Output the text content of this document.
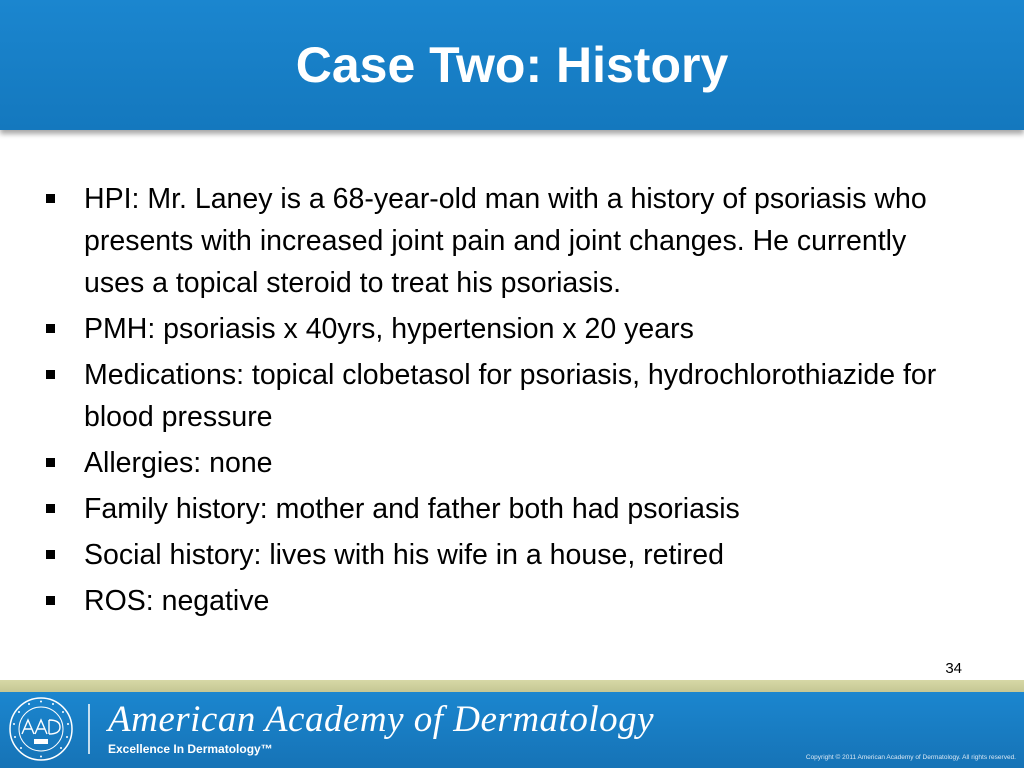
Case Two: History
HPI: Mr. Laney is a 68-year-old man with a history of psoriasis who presents with increased joint pain and joint changes. He currently uses a topical steroid to treat his psoriasis.
PMH: psoriasis x 40yrs, hypertension x 20 years
Medications: topical clobetasol for psoriasis, hydrochlorothiazide for blood pressure
Allergies: none
Family history: mother and father both had psoriasis
Social history: lives with his wife in a house, retired
ROS: negative
34
American Academy of Dermatology
Excellence In Dermatology™
Copyright © 2011 American Academy of Dermatology. All rights reserved.
